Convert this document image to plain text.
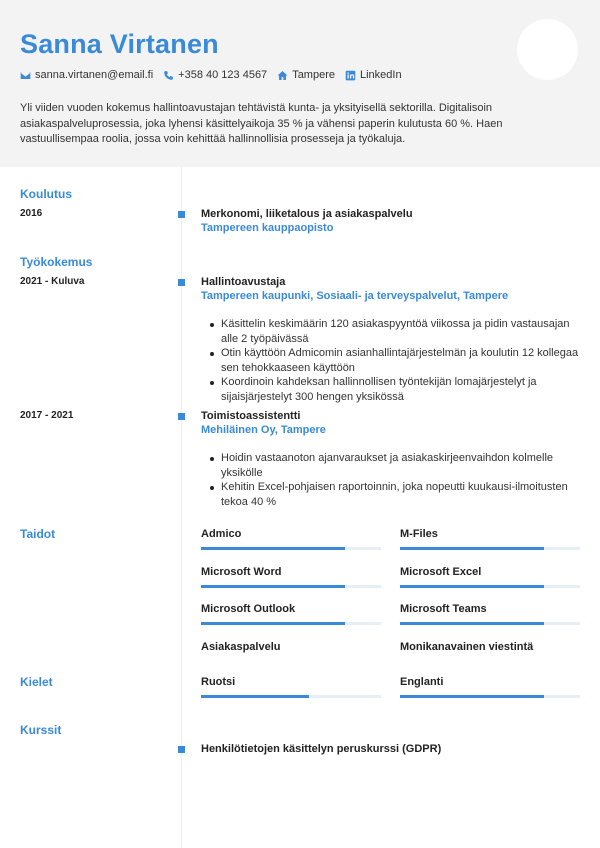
Sanna Virtanen
sanna.virtanen@email.fi +358 40 123 4567 Tampere LinkedIn
Yli viiden vuoden kokemus hallintoavustajan tehtävistä kunta- ja yksityisellä sektorilla. Digitalisoin asiakaspalveluprosessia, joka lyhensi käsittelyaikoja 35 % ja vähensi paperin kulutusta 60 %. Haen vastuullisempaa roolia, jossa voin kehittää hallinnollisia prosesseja ja työkaluja.
Koulutus
2016	Merkonomi, liiketalous ja asiakaspalvelu
Tampereen kauppaopisto
Työkokemus
2021 - Kuluva	Hallintoavustaja
Tampereen kaupunki, Sosiaali- ja terveyspalvelut, Tampere
Käsittelin keskimäärin 120 asiakaspyyntöä viikossa ja pidin vastausajan alle 2 työpäivässä
Otin käyttöön Admicomin asianhallintajärjestelmän ja koulutin 12 kollegaa sen tehokkaaseen käyttöön
Koordinoin kahdeksan hallinnollisen työntekijän lomajärjestelyt ja sijaisjärjestelyt 300 hengen yksikössä
2017 - 2021	Toimistoassistentti
Mehiläinen Oy, Tampere
Hoidin vastaanoton ajanvaraukset ja asiakaskirjeenvaihdon kolmelle yksikölle
Kehitin Excel-pohjaisen raportoinnin, joka nopeutti kuukausi-ilmoitusten tekoa 40 %
Taidot	Admico	M-Files
Microsoft Word	Microsoft Excel
Microsoft Outlook	Microsoft Teams
Asiakaspalvelu	Monikanavainen viestintä
Kielet	Ruotsi	Englanti
Kurssit
Henkilötietojen käsittelyn peruskurssi (GDPR)
